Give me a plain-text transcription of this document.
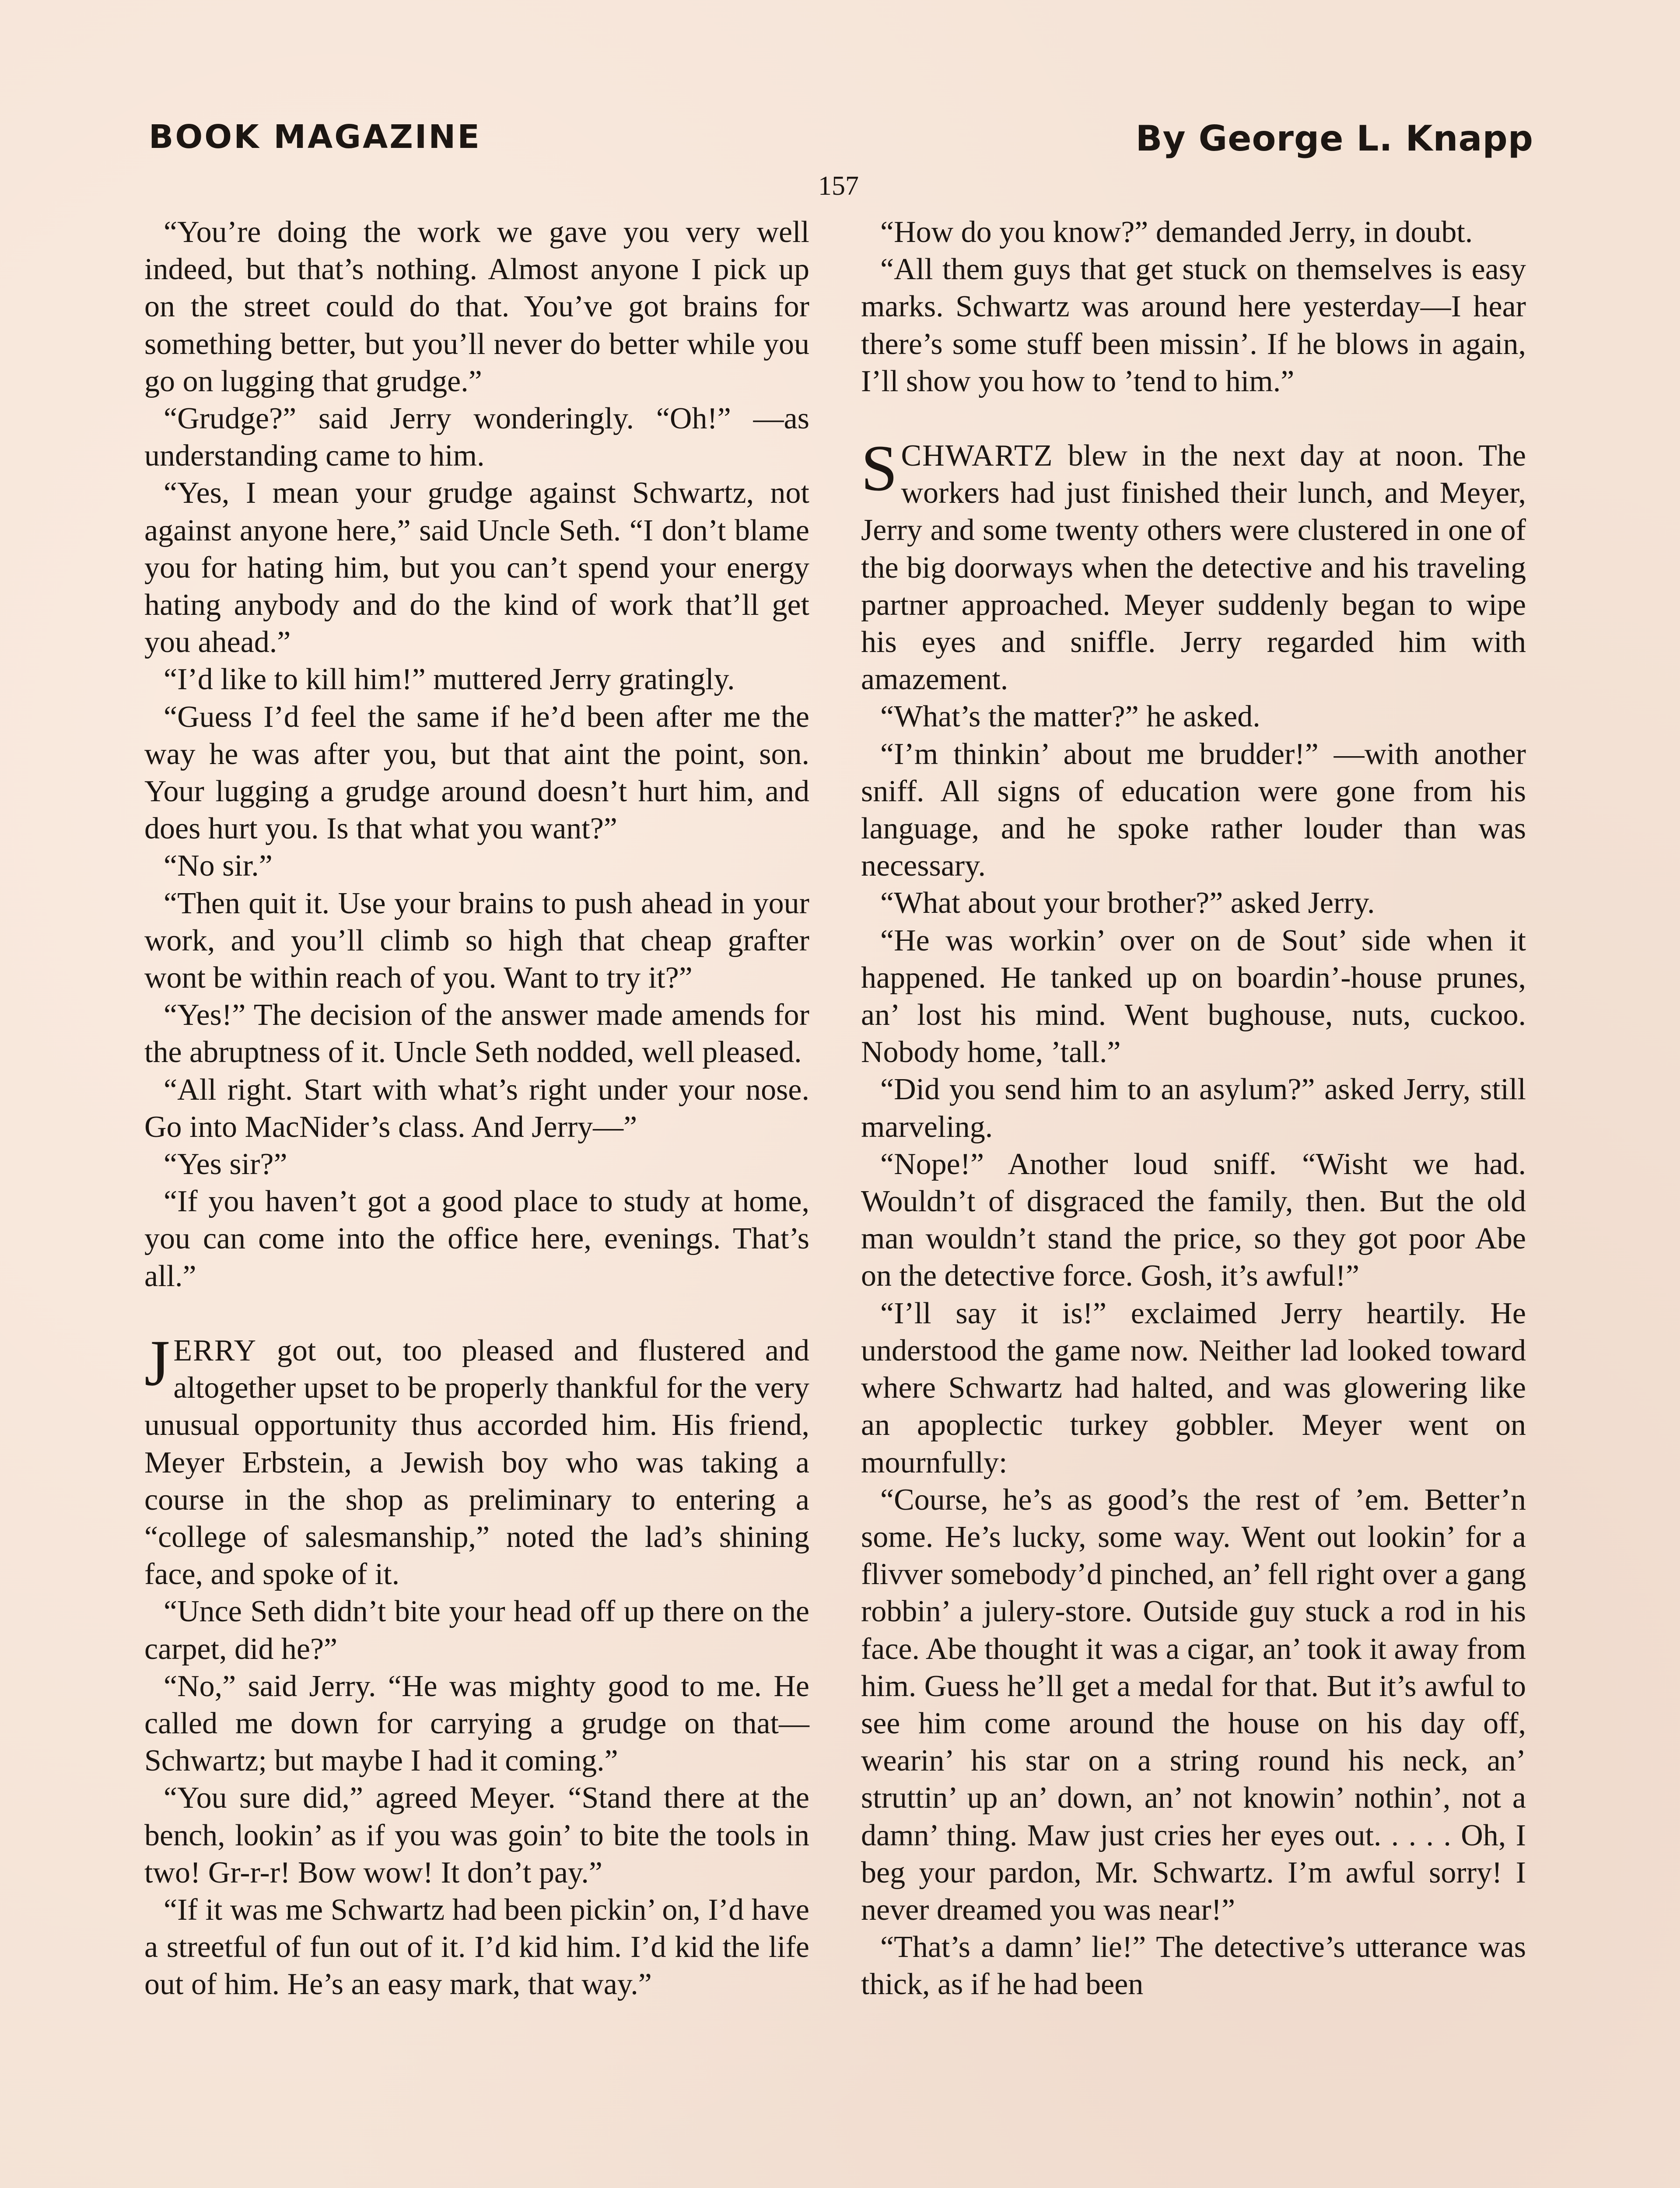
BOOK MAGAZINE	By George L. Knapp
157

“You’re doing the work we gave you very well indeed, but that’s nothing. Almost anyone I pick up on the street could do that. You’ve got brains for something better, but you’ll never do better while you go on lugging that grudge.”

“Grudge?” said Jerry wonderingly. “Oh!” —as understanding came to him.

“Yes, I mean your grudge against Schwartz, not against anyone here,” said Uncle Seth. “I don’t blame you for hating him, but you can’t spend your energy hating anybody and do the kind of work that’ll get you ahead.”

“I’d like to kill him!” muttered Jerry gratingly.

“Guess I’d feel the same if he’d been after me the way he was after you, but that aint the point, son. Your lugging a grudge around doesn’t hurt him, and does hurt you. Is that what you want?”

“No sir.”

“Then quit it. Use your brains to push ahead in your work, and you’ll climb so high that cheap grafter wont be within reach of you. Want to try it?”

“Yes!” The decision of the answer made amends for the abruptness of it. Uncle Seth nodded, well pleased.

“All right. Start with what’s right under your nose. Go into MacNider’s class. And Jerry—”

“Yes sir?”

“If you haven’t got a good place to study at home, you can come into the office here, evenings. That’s all.”

JERRY got out, too pleased and flustered and altogether upset to be properly thankful for the very unusual opportunity thus accorded him. His friend, Meyer Erbstein, a Jewish boy who was taking a course in the shop as preliminary to entering a “college of salesmanship,” noted the lad’s shining face, and spoke of it.

“Unce Seth didn’t bite your head off up there on the carpet, did he?”

“No,” said Jerry. “He was mighty good to me. He called me down for carrying a grudge on that—Schwartz; but maybe I had it coming.”

“You sure did,” agreed Meyer. “Stand there at the bench, lookin’ as if you was goin’ to bite the tools in two! Gr-r-r! Bow wow! It don’t pay.”

“If it was me Schwartz had been pickin’ on, I’d have a streetful of fun out of it. I’d kid him. I’d kid the life out of him. He’s an easy mark, that way.”

“How do you know?” demanded Jerry, in doubt.

“All them guys that get stuck on themselves is easy marks. Schwartz was around here yesterday—I hear there’s some stuff been missin’. If he blows in again, I’ll show you how to ’tend to him.”

SCHWARTZ blew in the next day at noon. The workers had just finished their lunch, and Meyer, Jerry and some twenty others were clustered in one of the big doorways when the detective and his traveling partner approached. Meyer suddenly began to wipe his eyes and sniffle. Jerry regarded him with amazement.

“What’s the matter?” he asked.

“I’m thinkin’ about me brudder!” —with another sniff. All signs of education were gone from his language, and he spoke rather louder than was necessary.

“What about your brother?” asked Jerry.

“He was workin’ over on de Sout’ side when it happened. He tanked up on boardin’-house prunes, an’ lost his mind. Went bughouse, nuts, cuckoo. Nobody home, ’tall.”

“Did you send him to an asylum?” asked Jerry, still marveling.

“Nope!” Another loud sniff. “Wisht we had. Wouldn’t of disgraced the family, then. But the old man wouldn’t stand the price, so they got poor Abe on the detective force. Gosh, it’s awful!”

“I’ll say it is!” exclaimed Jerry heartily. He understood the game now. Neither lad looked toward where Schwartz had halted, and was glowering like an apoplectic turkey gobbler. Meyer went on mournfully:

“Course, he’s as good’s the rest of ’em. Better’n some. He’s lucky, some way. Went out lookin’ for a flivver somebody’d pinched, an’ fell right over a gang robbin’ a julery-store. Outside guy stuck a rod in his face. Abe thought it was a cigar, an’ took it away from him. Guess he’ll get a medal for that. But it’s awful to see him come around the house on his day off, wearin’ his star on a string round his neck, an’ struttin’ up an’ down, an’ not knowin’ nothin’, not a damn’ thing. Maw just cries her eyes out. . . . . Oh, I beg your pardon, Mr. Schwartz. I’m awful sorry! I never dreamed you was near!”

“That’s a damn’ lie!” The detective’s utterance was thick, as if he had been
